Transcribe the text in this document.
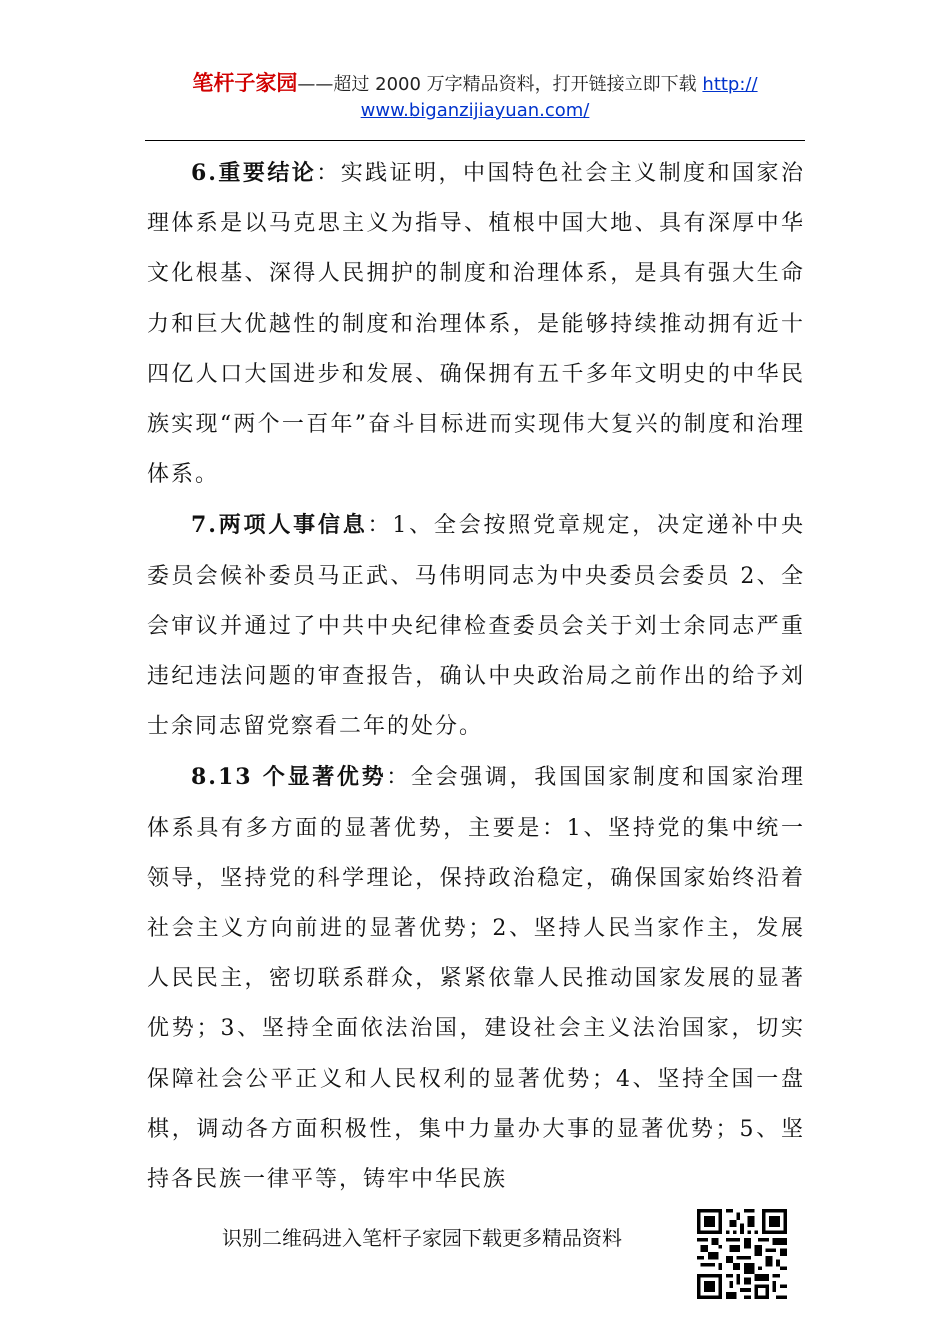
笔杆子家园——超过 2000 万字精品资料，打开链接立即下载 http://
www.biganzijiayuan.com/

6.重要结论：实践证明，中国特色社会主义制度和国家治理体系是以马克思主义为指导、植根中国大地、具有深厚中华文化根基、深得人民拥护的制度和治理体系，是具有强大生命力和巨大优越性的制度和治理体系，是能够持续推动拥有近十四亿人口大国进步和发展、确保拥有五千多年文明史的中华民族实现“两个一百年”奋斗目标进而实现伟大复兴的制度和治理体系。

7.两项人事信息：1、全会按照党章规定，决定递补中央委员会候补委员马正武、马伟明同志为中央委员会委员 2、全会审议并通过了中共中央纪律检查委员会关于刘士余同志严重违纪违法问题的审查报告，确认中央政治局之前作出的给予刘士余同志留党察看二年的处分。

8.13 个显著优势：全会强调，我国国家制度和国家治理体系具有多方面的显著优势，主要是：1、坚持党的集中统一领导，坚持党的科学理论，保持政治稳定，确保国家始终沿着社会主义方向前进的显著优势；2、坚持人民当家作主，发展人民民主，密切联系群众，紧紧依靠人民推动国家发展的显著优势；3、坚持全面依法治国，建设社会主义法治国家，切实保障社会公平正义和人民权利的显著优势；4、坚持全国一盘棋，调动各方面积极性，集中力量办大事的显著优势；5、坚持各民族一律平等，铸牢中华民族

识别二维码进入笔杆子家园下载更多精品资料
